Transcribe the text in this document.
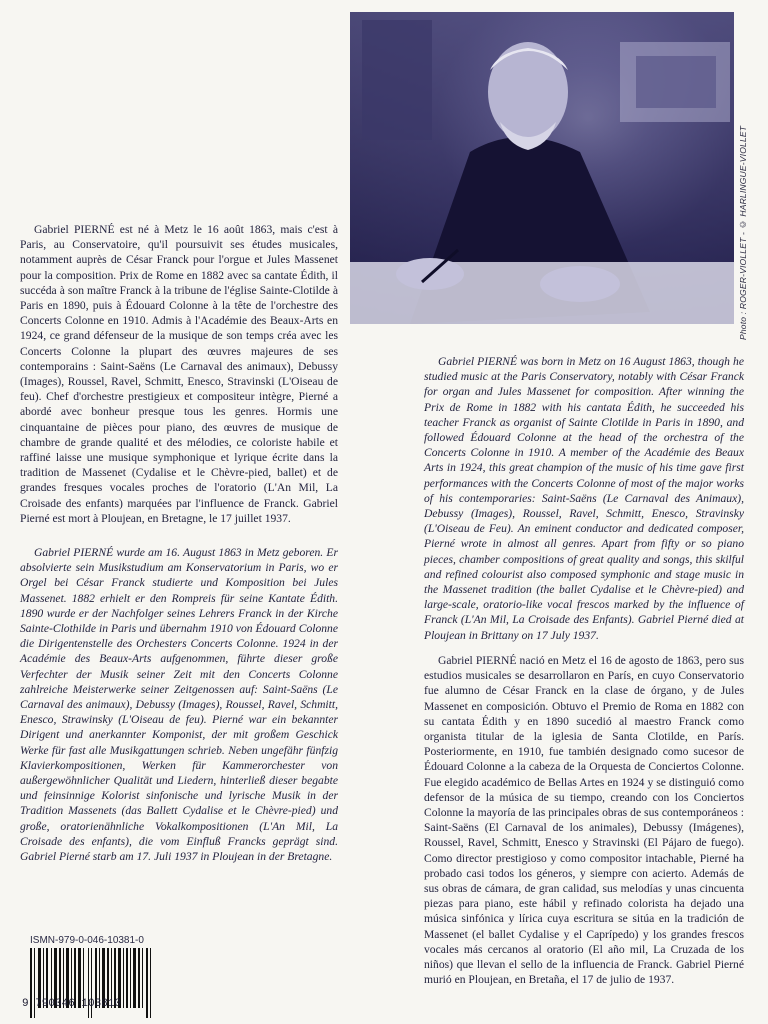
Photo : ROGER-VIOLLET - © HARLINGUE-VIOLLET

Gabriel PIERNÉ est né à Metz le 16 août 1863, mais c'est à Paris, au Conservatoire, qu'il poursuivit ses études musicales, notamment auprès de César Franck pour l'orgue et Jules Massenet pour la composition. Prix de Rome en 1882 avec sa cantate Édith, il succéda à son maître Franck à la tribune de l'église Sainte-Clotilde à Paris en 1890, puis à Édouard Colonne à la tête de l'orchestre des Concerts Colonne en 1910. Admis à l'Académie des Beaux-Arts en 1924, ce grand défenseur de la musique de son temps créa avec les Concerts Colonne la plupart des œuvres majeures de ses contemporains : Saint-Saëns (Le Carnaval des animaux), Debussy (Images), Roussel, Ravel, Schmitt, Enesco, Stravinski (L'Oiseau de feu). Chef d'orchestre prestigieux et compositeur intègre, Pierné a abordé avec bonheur presque tous les genres. Hormis une cinquantaine de pièces pour piano, des œuvres de musique de chambre de grande qualité et des mélodies, ce coloriste habile et raffiné laisse une musique symphonique et lyrique écrite dans la tradition de Massenet (Cydalise et le Chèvre-pied, ballet) et de grandes fresques vocales proches de l'oratorio (L'An Mil, La Croisade des enfants) marquées par l'influence de Franck. Gabriel Pierné est mort à Ploujean, en Bretagne, le 17 juillet 1937.

Gabriel PIERNÉ was born in Metz on 16 August 1863, though he studied music at the Paris Conservatory, notably with César Franck for organ and Jules Massenet for composition. After winning the Prix de Rome in 1882 with his cantata Édith, he succeeded his teacher Franck as organist of Sainte Clotilde in Paris in 1890, and followed Édouard Colonne at the head of the orchestra of the Concerts Colonne in 1910. A member of the Académie des Beaux Arts in 1924, this great champion of the music of his time gave first performances with the Concerts Colonne of most of the major works of his contemporaries: Saint-Saëns (Le Carnaval des Animaux), Debussy (Images), Roussel, Ravel, Schmitt, Enesco, Stravinsky (L'Oiseau de Feu). An eminent conductor and dedicated composer, Pierné wrote in almost all genres. Apart from fifty or so piano pieces, chamber compositions of great quality and songs, this skilful and refined colourist also composed symphonic and stage music in the Massenet tradition (the ballet Cydalise et le Chèvre-pied) and large-scale, oratorio-like vocal frescos marked by the influence of Franck (L'An Mil, La Croisade des Enfants). Gabriel Pierné died at Ploujean in Brittany on 17 July 1937.

Gabriel PIERNÉ wurde am 16. August 1863 in Metz geboren. Er absolvierte sein Musikstudium am Konservatorium in Paris, wo er Orgel bei César Franck studierte und Komposition bei Jules Massenet. 1882 erhielt er den Rompreis für seine Kantate Édith. 1890 wurde er der Nachfolger seines Lehrers Franck in der Kirche Sainte-Clothilde in Paris und übernahm 1910 von Édouard Colonne die Dirigentenstelle des Orchesters Concerts Colonne. 1924 in der Académie des Beaux-Arts aufgenommen, führte dieser große Verfechter der Musik seiner Zeit mit den Concerts Colonne zahlreiche Meisterwerke seiner Zeitgenossen auf: Saint-Saëns (Le Carnaval des animaux), Debussy (Images), Roussel, Ravel, Schmitt, Enesco, Strawinsky (L'Oiseau de feu). Pierné war ein bekannter Dirigent und anerkannter Komponist, der mit großem Geschick Werke für fast alle Musikgattungen schrieb. Neben ungefähr fünfzig Klavierkompositionen, Werken für Kammerorchester von außergewöhnlicher Qualität und Liedern, hinterließ dieser begabte und feinsinnige Kolorist sinfonische und lyrische Musik in der Tradition Massenets (das Ballett Cydalise et le Chèvre-pied) und große, oratorienähnliche Vokalkompositionen (L'An Mil, La Croisade des enfants), die vom Einfluß Francks geprägt sind. Gabriel Pierné starb am 17. Juli 1937 in Ploujean in der Bretagne.

Gabriel PIERNÉ nació en Metz el 16 de agosto de 1863, pero sus estudios musicales se desarrollaron en París, en cuyo Conservatorio fue alumno de César Franck en la clase de órgano, y de Jules Massenet en composición. Obtuvo el Premio de Roma en 1882 con su cantata Édith y en 1890 sucedió al maestro Franck como organista titular de la iglesia de Santa Clotilde, en París. Posteriormente, en 1910, fue también designado como sucesor de Édouard Colonne a la cabeza de la Orquesta de Conciertos Colonne. Fue elegido académico de Bellas Artes en 1924 y se distinguió como defensor de la música de su tiempo, creando con los Conciertos Colonne la mayoría de las principales obras de sus contemporáneos : Saint-Saëns (El Carnaval de los animales), Debussy (Imágenes), Roussel, Ravel, Schmitt, Enesco y Stravinski (El Pájaro de fuego). Como director prestigioso y como compositor intachable, Pierné ha probado casi todos los géneros, y siempre con acierto. Además de sus obras de cámara, de gran calidad, sus melodías y unas cincuenta piezas para piano, este hábil y refinado colorista ha dejado una música sinfónica y lírica cuya escritura se sitúa en la tradición de Massenet (el ballet Cydalise y el Caprípedo) y los grandes frescos vocales más cercanos al oratorio (El año mil, La Cruzada de los niños) que llevan el sello de la influencia de Franck. Gabriel Pierné murió en Ploujean, en Bretaña, el 17 de julio de 1937.

ISMN-979-0-046-10381-0
9 790046 103810
